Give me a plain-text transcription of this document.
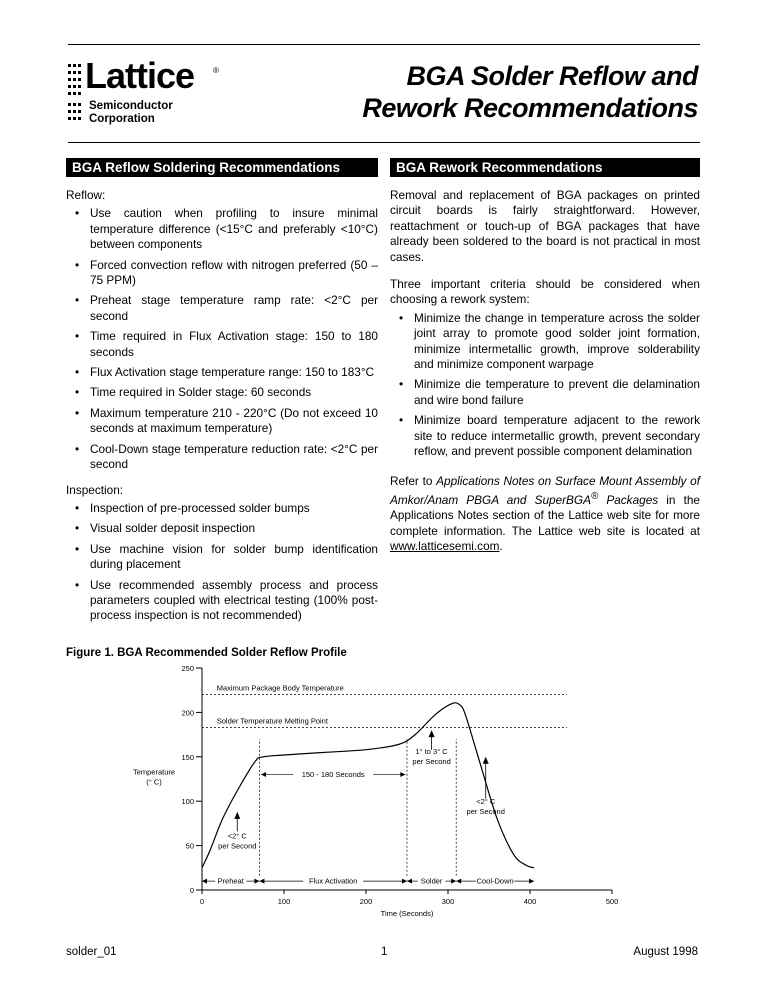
Lattice ®
Semiconductor
Corporation
BGA Solder Reflow and
Rework Recommendations
BGA Reflow Soldering Recommendations	BGA Rework Recommendations

Reflow:

• Use caution when profiling to insure minimal temperature difference (<15°C and preferably <10°C) between components
• Forced convection reflow with nitrogen preferred (50 – 75 PPM)
• Preheat stage temperature ramp rate: <2°C per second
• Time required in Flux Activation stage: 150 to 180 seconds
• Flux Activation stage temperature range: 150 to 183°C
• Time required in Solder stage: 60 seconds
• Maximum temperature 210 - 220°C (Do not exceed 10 seconds at maximum temperature)
• Cool-Down stage temperature reduction rate: <2°C per second

Inspection:

• Inspection of pre-processed solder bumps
• Visual solder deposit inspection
• Use machine vision for solder bump identification during placement
• Use recommended assembly process and process parameters coupled with electrical testing (100% post-process inspection is not recommended)

Removal and replacement of BGA packages on printed circuit boards is fairly straightforward. However, reattachment or touch-up of BGA packages that have already been soldered to the board is not practical in most cases.

Three important criteria should be considered when choosing a rework system:

• Minimize the change in temperature across the solder joint array to promote good solder joint formation, minimize intermetallic growth, improve solderability and minimize component warpage
• Minimize die temperature to prevent die delamination and wire bond failure
• Minimize board temperature adjacent to the rework site to reduce intermetallic growth, prevent secondary reflow, and prevent possible component delamination

Refer to Applications Notes on Surface Mount Assembly of Amkor/Anam PBGA and SuperBGA® Packages in the Applications Notes section of the Lattice web site for more complete information. The Lattice web site is located at www.latticesemi.com.

Figure 1. BGA Recommended Solder Reflow Profile
0
50
100
150
200
250
0	100	200	300	400	500
Time (Seconds)
Temperature
(° C)
Maximum Package Body Temperature
Solder Temperature Melting Point
Preheat	Flux Activation	Solder	Cool-Down
150 - 180 Seconds
1° to 3° C
per Second
<2° C
per Second
<2° C
per Second
solder_01	1	August 1998
